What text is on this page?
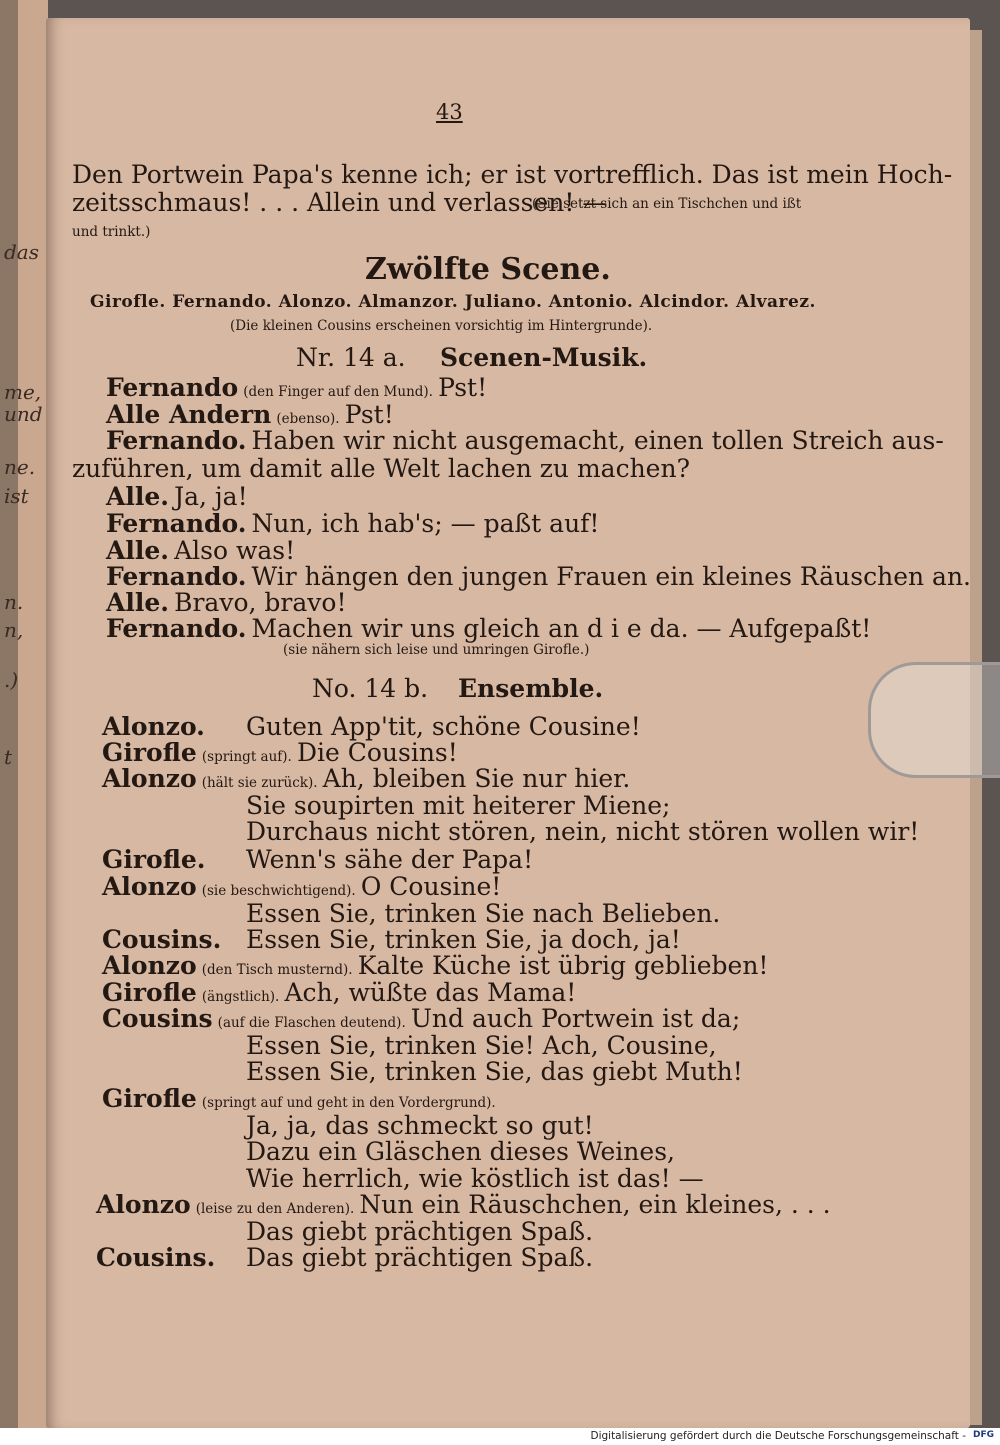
das
me,
und
ne.
ist
n.
n,
.)
t
43
Den Portwein Papa's kenne ich; er ist vortrefflich. Das ist mein Hoch-
zeitsschmaus! . . . Allein und verlassen! —
(Sie setzt sich an ein Tischchen und ißt
und trinkt.)
Zwölfte Scene.
Girofle. Fernando. Alonzo. Almanzor. Juliano. Antonio. Alcindor. Alvarez.
(Die kleinen Cousins erscheinen vorsichtig im Hintergrunde).
Nr. 14 a. Scenen-Musik.
Fernando (den Finger auf den Mund). Pst!
Alle Andern (ebenso). Pst!
Fernando. Haben wir nicht ausgemacht, einen tollen Streich aus-
zuführen, um damit alle Welt lachen zu machen?
Alle. Ja, ja!
Fernando. Nun, ich hab's; — paßt auf!
Alle. Also was!
Fernando. Wir hängen den jungen Frauen ein kleines Räuschen an.
Alle. Bravo, bravo!
Fernando. Machen wir uns gleich an d i e da. — Aufgepaßt!
(sie nähern sich leise und umringen Girofle.)
No. 14 b. Ensemble.
Alonzo. Guten App'tit, schöne Cousine!
Girofle (springt auf). Die Cousins!
Alonzo (hält sie zurück). Ah, bleiben Sie nur hier.
Sie soupirten mit heiterer Miene;
Durchaus nicht stören, nein, nicht stören wollen wir!
Girofle. Wenn's sähe der Papa!
Alonzo (sie beschwichtigend). O Cousine!
Essen Sie, trinken Sie nach Belieben.
Cousins. Essen Sie, trinken Sie, ja doch, ja!
Alonzo (den Tisch musternd). Kalte Küche ist übrig geblieben!
Girofle (ängstlich). Ach, wüßte das Mama!
Cousins (auf die Flaschen deutend). Und auch Portwein ist da;
Essen Sie, trinken Sie! Ach, Cousine,
Essen Sie, trinken Sie, das giebt Muth!
Girofle (springt auf und geht in den Vordergrund).
Ja, ja, das schmeckt so gut!
Dazu ein Gläschen dieses Weines,
Wie herrlich, wie köstlich ist das! —
Alonzo (leise zu den Anderen). Nun ein Räuschchen, ein kleines, . . .
Das giebt prächtigen Spaß.
Cousins. Das giebt prächtigen Spaß.
Digitalisierung gefördert durch die Deutsche Forschungsgemeinschaft - DFG
